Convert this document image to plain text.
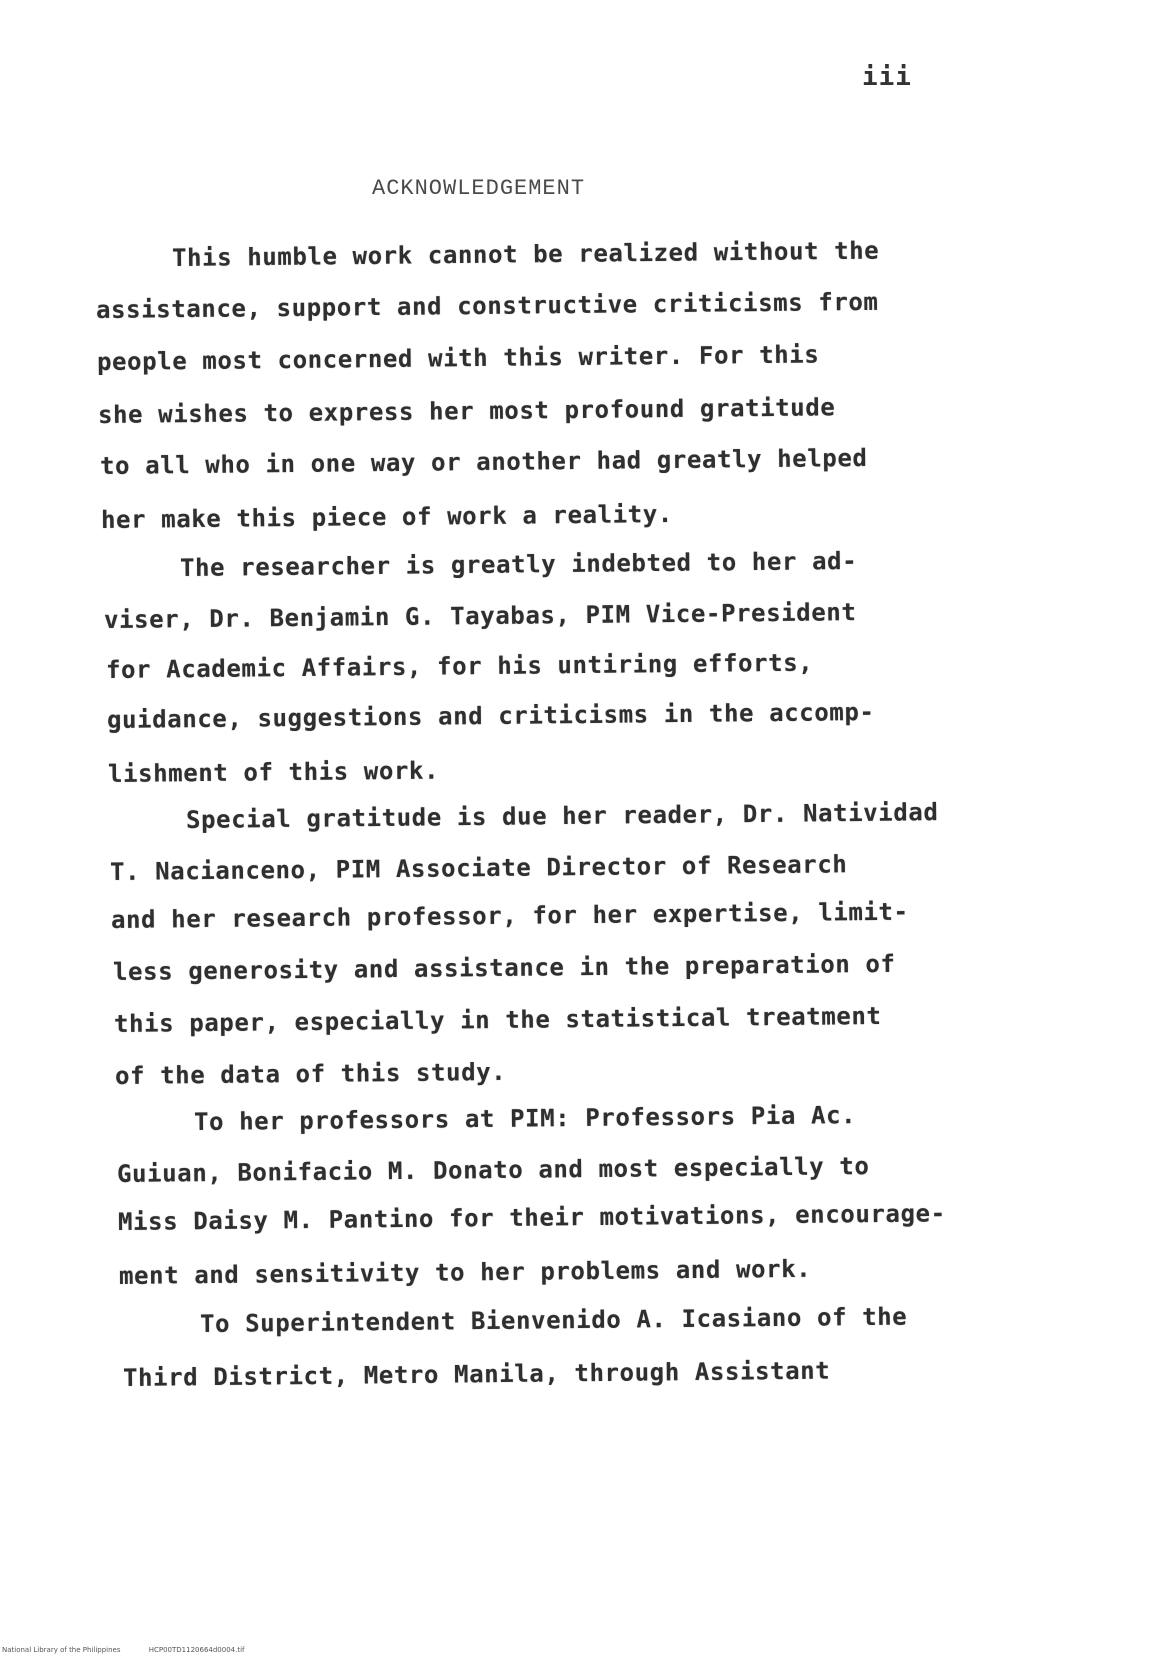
iii
ACKNOWLEDGEMENT
This humble work cannot be realized without the
assistance, support and constructive criticisms from
people most concerned with this writer. For this
she wishes to express her most profound gratitude
to all who in one way or another had greatly helped
her make this piece of work a reality.
The researcher is greatly indebted to her ad-
viser, Dr. Benjamin G. Tayabas, PIM Vice-President
for Academic Affairs, for his untiring efforts,
guidance, suggestions and criticisms in the accomp-
lishment of this work.
Special gratitude is due her reader, Dr. Natividad
T. Nacianceno, PIM Associate Director of Research
and her research professor, for her expertise, limit-
less generosity and assistance in the preparation of
this paper, especially in the statistical treatment
of the data of this study.
To her professors at PIM: Professors Pia Ac.
Guiuan, Bonifacio M. Donato and most especially to
Miss Daisy M. Pantino for their motivations, encourage-
ment and sensitivity to her problems and work.
To Superintendent Bienvenido A. Icasiano of the
Third District, Metro Manila, through Assistant
National Library of the Philippines	HCP00TD1120664d0004.tif
